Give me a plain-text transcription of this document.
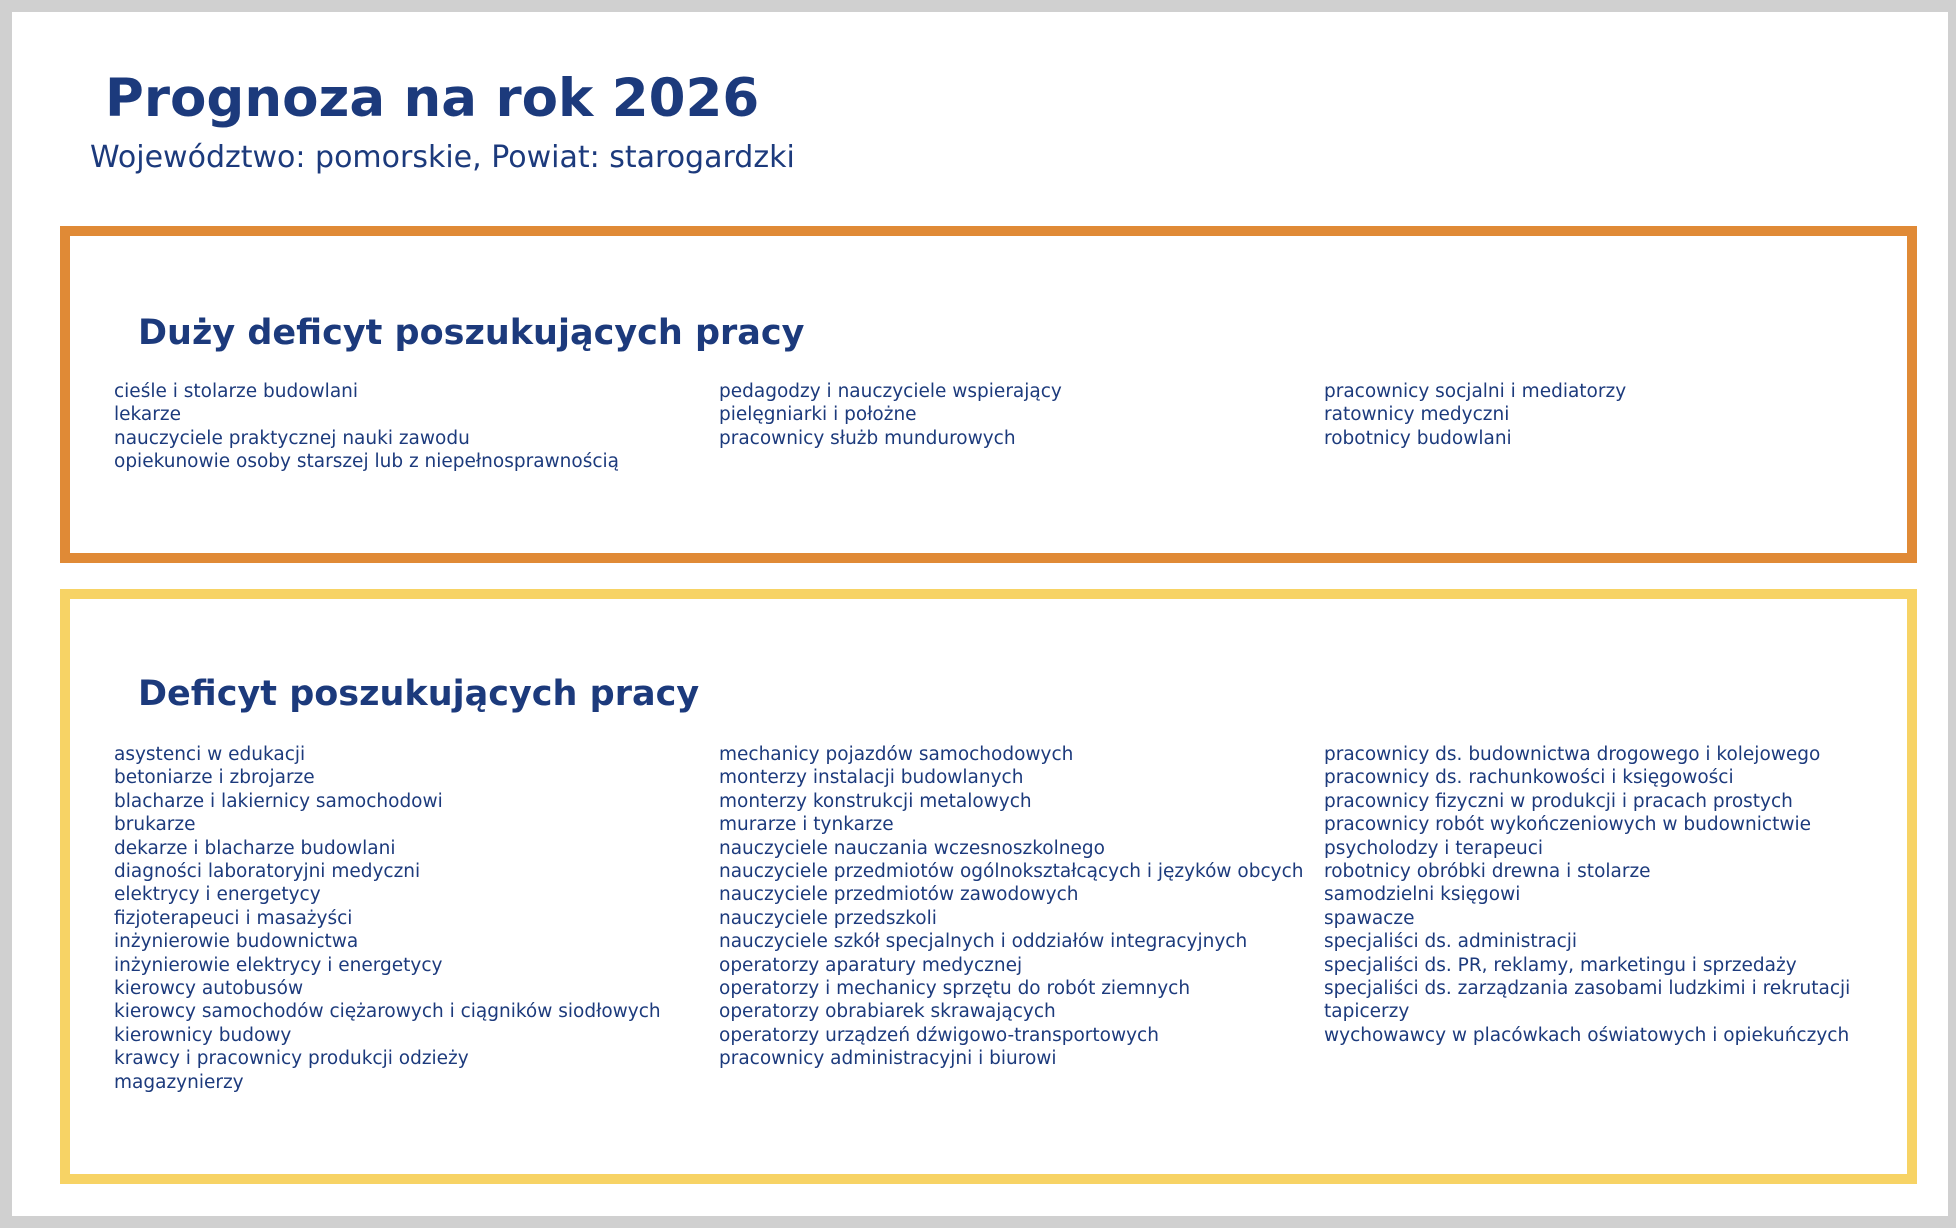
Prognoza na rok 2026

Województwo: pomorskie, Powiat: starogardzki

Duży deficyt poszukujących pracy
cieśle i stolarze budowlani
lekarze
nauczyciele praktycznej nauki zawodu
opiekunowie osoby starszej lub z niepełnosprawnością
pedagodzy i nauczyciele wspierający
pielęgniarki i położne
pracownicy służb mundurowych
pracownicy socjalni i mediatorzy
ratownicy medyczni
robotnicy budowlani
Deficyt poszukujących pracy
asystenci w edukacji
betoniarze i zbrojarze
blacharze i lakiernicy samochodowi
brukarze
dekarze i blacharze budowlani
diagności laboratoryjni medyczni
elektrycy i energetycy
fizjoterapeuci i masażyści
inżynierowie budownictwa
inżynierowie elektrycy i energetycy
kierowcy autobusów
kierowcy samochodów ciężarowych i ciągników siodłowych
kierownicy budowy
krawcy i pracownicy produkcji odzieży
magazynierzy
mechanicy pojazdów samochodowych
monterzy instalacji budowlanych
monterzy konstrukcji metalowych
murarze i tynkarze
nauczyciele nauczania wczesnoszkolnego
nauczyciele przedmiotów ogólnokształcących i języków obcych
nauczyciele przedmiotów zawodowych
nauczyciele przedszkoli
nauczyciele szkół specjalnych i oddziałów integracyjnych
operatorzy aparatury medycznej
operatorzy i mechanicy sprzętu do robót ziemnych
operatorzy obrabiarek skrawających
operatorzy urządzeń dźwigowo-transportowych
pracownicy administracyjni i biurowi
pracownicy ds. budownictwa drogowego i kolejowego
pracownicy ds. rachunkowości i księgowości
pracownicy fizyczni w produkcji i pracach prostych
pracownicy robót wykończeniowych w budownictwie
psycholodzy i terapeuci
robotnicy obróbki drewna i stolarze
samodzielni księgowi
spawacze
specjaliści ds. administracji
specjaliści ds. PR, reklamy, marketingu i sprzedaży
specjaliści ds. zarządzania zasobami ludzkimi i rekrutacji
tapicerzy
wychowawcy w placówkach oświatowych i opiekuńczych
